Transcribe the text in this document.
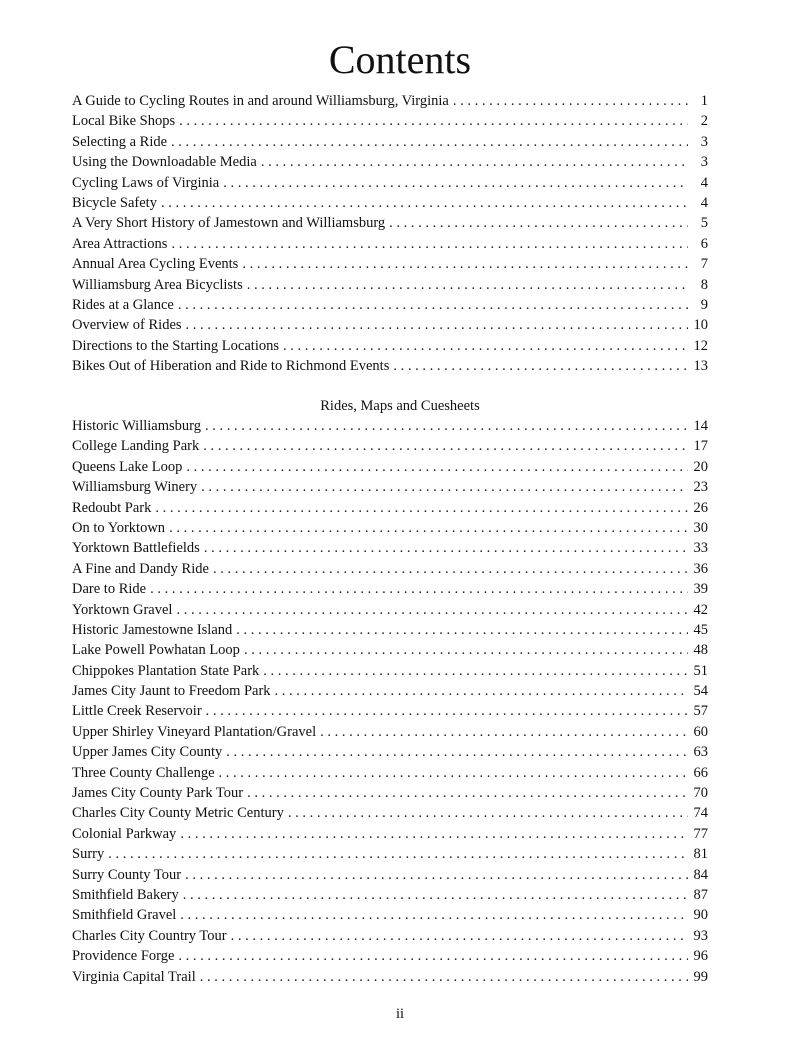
Contents
A Guide to Cycling Routes in and around Williamsburg, Virginia . . .	1
Local Bike Shops . . .	2
Selecting a Ride . . .	3
Using the Downloadable Media . . .	3
Cycling Laws of Virginia . . .	4
Bicycle Safety . . .	4
A Very Short History of Jamestown and Williamsburg . . .	5
Area Attractions . . .	6
Annual Area Cycling Events . . .	7
Williamsburg Area Bicyclists . . .	8
Rides at a Glance . . .	9
Overview of Rides . . .	10
Directions to the Starting Locations . . .	12
Bikes Out of Hiberation and Ride to Richmond Events . . .	13
Rides, Maps and Cuesheets
Historic Williamsburg . . .	14
College Landing Park . . .	17
Queens Lake Loop . . .	20
Williamsburg Winery . . .	23
Redoubt Park . . .	26
On to Yorktown . . .	30
Yorktown Battlefields . . .	33
A Fine and Dandy Ride . . .	36
Dare to Ride . . .	39
Yorktown Gravel . . .	42
Historic Jamestowne Island . . .	45
Lake Powell Powhatan Loop . . .	48
Chippokes Plantation State Park . . .	51
James City Jaunt to Freedom Park . . .	54
Little Creek Reservoir . . .	57
Upper Shirley Vineyard Plantation/Gravel . . .	60
Upper James City County . . .	63
Three County Challenge . . .	66
James City County Park Tour . . .	70
Charles City County Metric Century . . .	74
Colonial Parkway . . .	77
Surry . . .	81
Surry County Tour . . .	84
Smithfield Bakery . . .	87
Smithfield Gravel . . .	90
Charles City Country Tour . . .	93
Providence Forge . . .	96
Virginia Capital Trail . . .	99
ii
